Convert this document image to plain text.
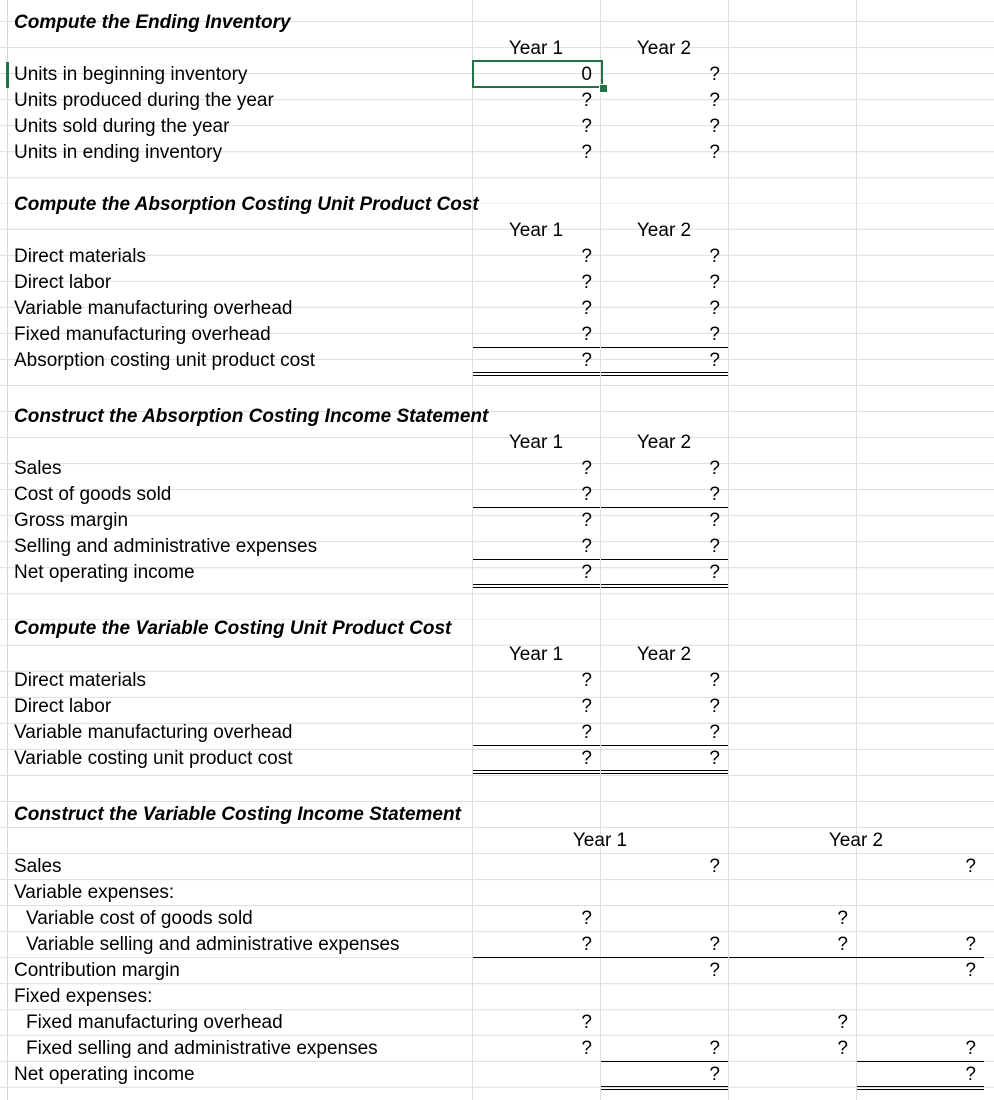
Compute the Ending Inventory
Year 1	Year 2
Units in beginning inventory	0	?
Units produced during the year	?	?
Units sold during the year	?	?
Units in ending inventory	?	?
Compute the Absorption Costing Unit Product Cost
Year 1	Year 2
Direct materials	?	?
Direct labor	?	?
Variable manufacturing overhead	?	?
Fixed manufacturing overhead	?	?
Absorption costing unit product cost	?	?
Construct the Absorption Costing Income Statement
Year 1	Year 2
Sales	?	?
Cost of goods sold	?	?
Gross margin	?	?
Selling and administrative expenses	?	?
Net operating income	?	?
Compute the Variable Costing Unit Product Cost
Year 1	Year 2
Direct materials	?	?
Direct labor	?	?
Variable manufacturing overhead	?	?
Variable costing unit product cost	?	?
Construct the Variable Costing Income Statement
Year 1	Year 2
Sales	?	?
Variable expenses:
Variable cost of goods sold	?	?
Variable selling and administrative expenses	?	?	?	?
Contribution margin	?	?
Fixed expenses:
Fixed manufacturing overhead	?	?
Fixed selling and administrative expenses	?	?	?	?
Net operating income	?	?
